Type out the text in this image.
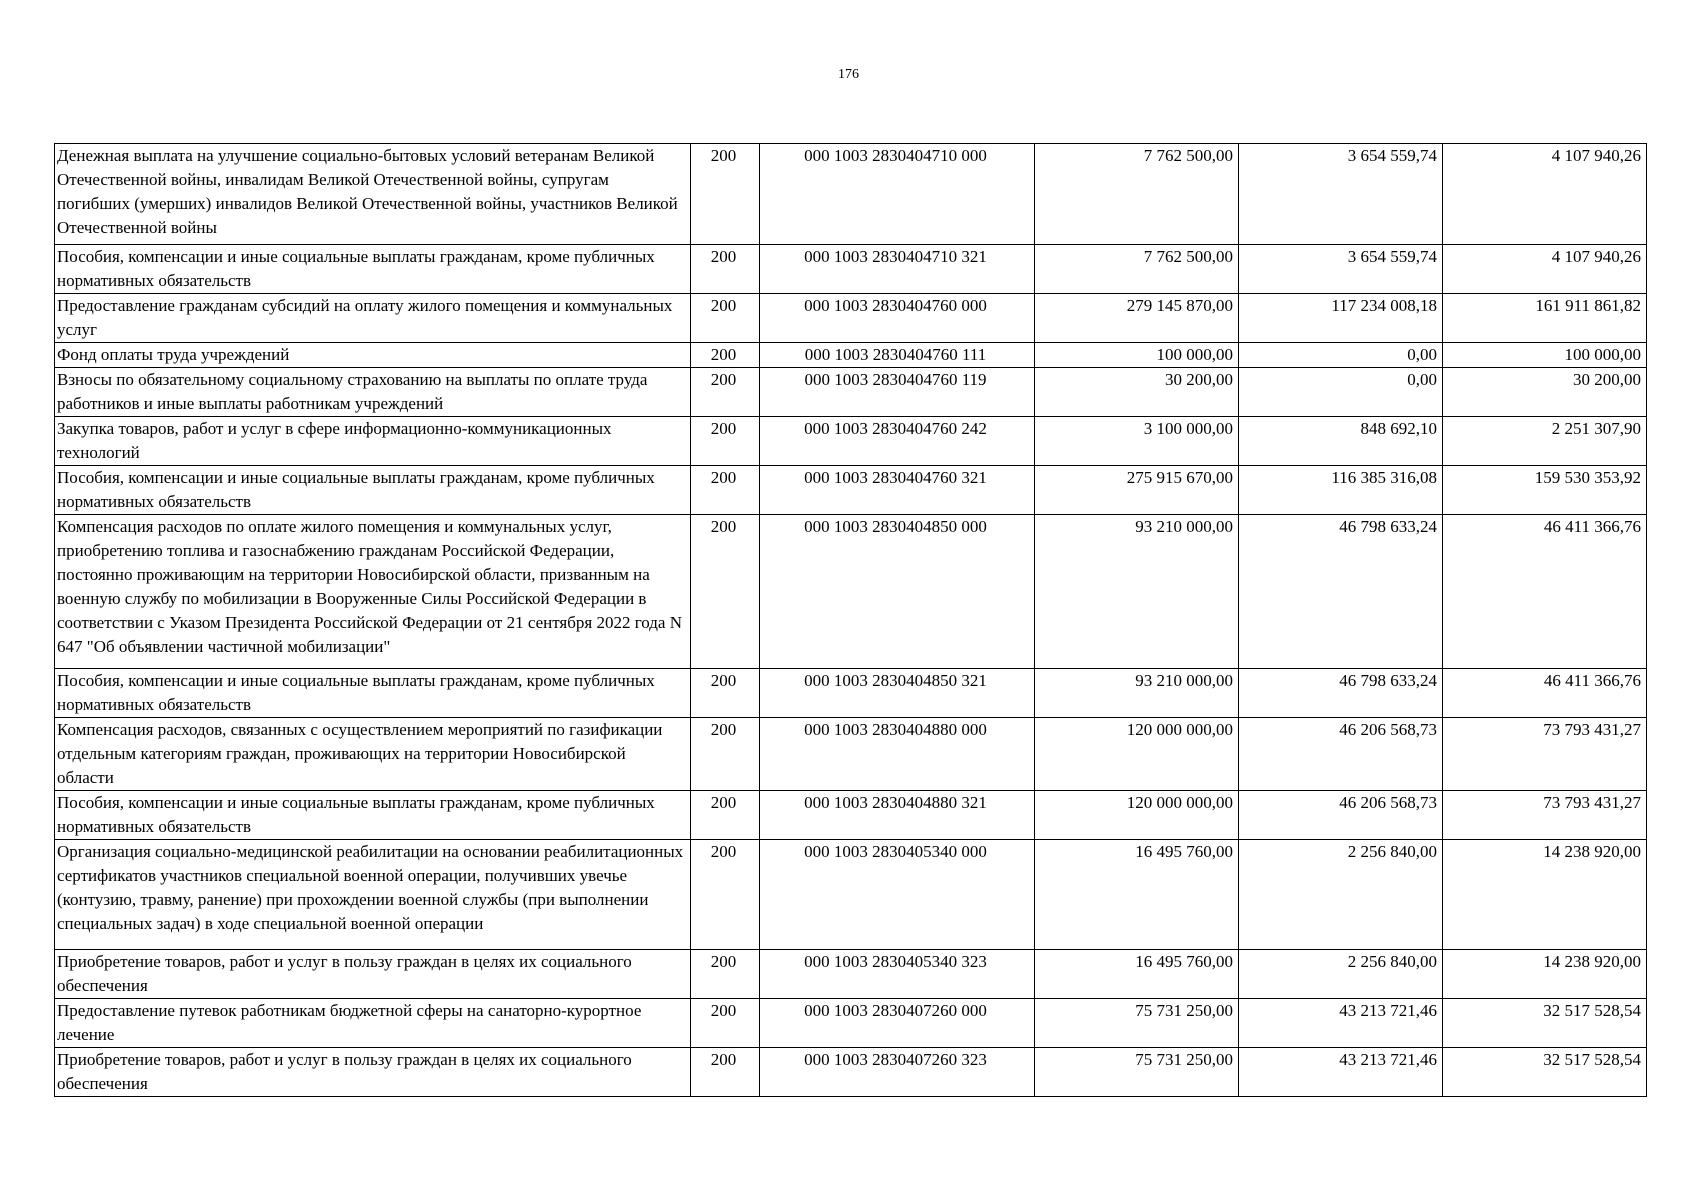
176
Денежная выплата на улучшение социально-бытовых условий ветеранам Великой Отечественной войны, инвалидам Великой Отечественной войны, супругам погибших (умерших) инвалидов Великой Отечественной войны, участников Великой Отечественной войны	200	000 1003 2830404710 000	7 762 500,00	3 654 559,74	4 107 940,26
Пособия, компенсации и иные социальные выплаты гражданам, кроме публичных нормативных обязательств	200	000 1003 2830404710 321	7 762 500,00	3 654 559,74	4 107 940,26
Предоставление гражданам субсидий на оплату жилого помещения и коммунальных услуг	200	000 1003 2830404760 000	279 145 870,00	117 234 008,18	161 911 861,82
Фонд оплаты труда учреждений	200	000 1003 2830404760 111	100 000,00	0,00	100 000,00
Взносы по обязательному социальному страхованию на выплаты по оплате труда работников и иные выплаты работникам учреждений	200	000 1003 2830404760 119	30 200,00	0,00	30 200,00
Закупка товаров, работ и услуг в сфере информационно-коммуникационных технологий	200	000 1003 2830404760 242	3 100 000,00	848 692,10	2 251 307,90
Пособия, компенсации и иные социальные выплаты гражданам, кроме публичных нормативных обязательств	200	000 1003 2830404760 321	275 915 670,00	116 385 316,08	159 530 353,92
Компенсация расходов по оплате жилого помещения и коммунальных услуг, приобретению топлива и газоснабжению гражданам Российской Федерации, постоянно проживающим на территории Новосибирской области, призванным на военную службу по мобилизации в Вооруженные Силы Российской Федерации в соответствии с Указом Президента Российской Федерации от 21 сентября 2022 года N 647 "Об объявлении частичной мобилизации"	200	000 1003 2830404850 000	93 210 000,00	46 798 633,24	46 411 366,76
Пособия, компенсации и иные социальные выплаты гражданам, кроме публичных нормативных обязательств	200	000 1003 2830404850 321	93 210 000,00	46 798 633,24	46 411 366,76
Компенсация расходов, связанных с осуществлением мероприятий по газификации отдельным категориям граждан, проживающих на территории Новосибирской области	200	000 1003 2830404880 000	120 000 000,00	46 206 568,73	73 793 431,27
Пособия, компенсации и иные социальные выплаты гражданам, кроме публичных нормативных обязательств	200	000 1003 2830404880 321	120 000 000,00	46 206 568,73	73 793 431,27
Организация социально-медицинской реабилитации на основании реабилитационных сертификатов участников специальной военной операции, получивших увечье (контузию, травму, ранение) при прохождении военной службы (при выполнении специальных задач) в ходе специальной военной операции	200	000 1003 2830405340 000	16 495 760,00	2 256 840,00	14 238 920,00
Приобретение товаров, работ и услуг в пользу граждан в целях их социального обеспечения	200	000 1003 2830405340 323	16 495 760,00	2 256 840,00	14 238 920,00
Предоставление путевок работникам бюджетной сферы на санаторно-курортное лечение	200	000 1003 2830407260 000	75 731 250,00	43 213 721,46	32 517 528,54
Приобретение товаров, работ и услуг в пользу граждан в целях их социального обеспечения	200	000 1003 2830407260 323	75 731 250,00	43 213 721,46	32 517 528,54
